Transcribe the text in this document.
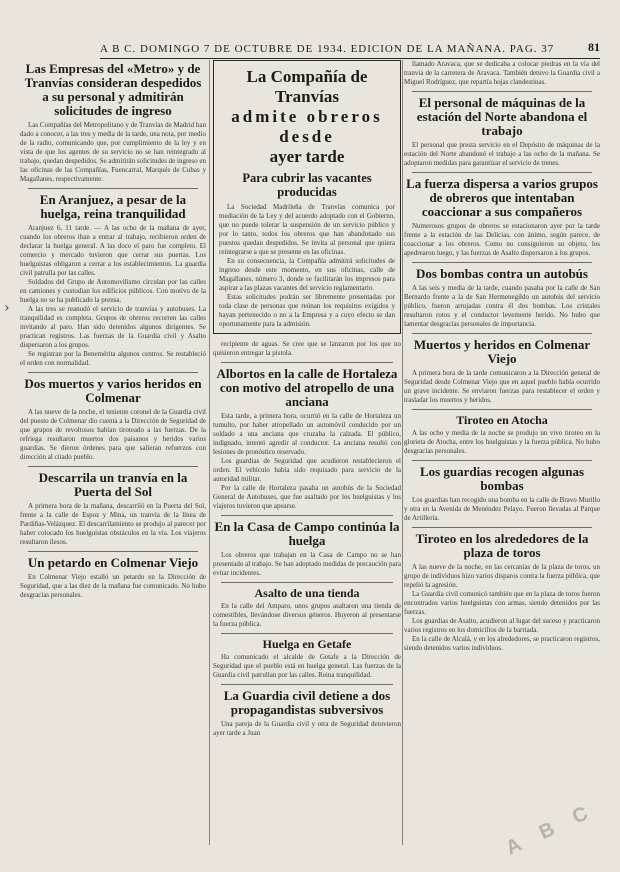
A B C. DOMINGO 7 DE OCTUBRE DE 1934. EDICION DE LA MAÑANA. PAG. 37	81
›
Las Empresas del «Metro» y de Tranvías consideran despedidos a su personal y admitirán solicitudes de ingreso

Las Compañías del Metropolitano y de Tranvías de Madrid han dado a conocer, a las tres y media de la tarde, una nota, por medio de la radio, comunicando que, por cumplimiento de la ley y en vista de que los agentes de su servicio no se han reintegrado al trabajo, quedan despedidos. Se admitirán solicitudes de ingreso en las oficinas de las Compañías, Fuencarral, Marqués de Cubas y Magallanes, respectivamente.

En Aranjuez, a pesar de la huelga, reina tranquilidad

Aranjuez 6, 11 tarde. — A las ocho de la mañana de ayer, cuando los obreros iban a entrar al trabajo, recibieron orden de declarar la huelga general. A las doce el paro fue completo. El comercio y mercado tuvieron que cerrar sus puertas. Los huelguistas obligaron a cerrar a los establecimientos. La guardia civil patrulla por las calles.

Soldados del Grupo de Automovilismo circulan por las calles en camiones y custodian los edificios públicos. Con motivo de la huelga no se ha publicado la prensa.

A las tres se reanudó el servicio de tranvías y autobuses. La tranquilidad es completa. Grupos de obreros recorren las calles invitando al paro. Han sido detenidos algunos dirigentes. Se practican registros. Las fuerzas de la Guardia civil y Asalto dispersaron a los grupos.

Se registran por la Benemérita algunos centros. Se restableció el orden con normalidad.

Dos muertos y varios heridos en Colmenar

A las nueve de la noche, el teniente coronel de la Guardia civil del puesto de Colmenar dio cuenta a la Dirección de Seguridad de que grupos de revoltosos habían tiroteado a las fuerzas. De la refriega resultaron muertos dos paisanos y heridos varios guardias. Se dieron órdenes para que salieran refuerzos con dirección al citado pueblo.

Descarrila un tranvía en la Puerta del Sol

A primera hora de la mañana, descarriló en la Puerta del Sol, frente a la calle de Espoz y Mina, un tranvía de la línea de Pardiñas-Velázquez. El descarrilamiento se produjo al parecer por haber colocado los huelguistas obstáculos en la vía. Los viajeros resultaron ilesos.

Un petardo en Colmenar Viejo

En Colmenar Viejo estalló un petardo en la Dirección de Seguridad, que a las diez de la mañana fue comunicado. No hubo desgracias personales.

La Compañía de Tranvías
admite obreros desde
ayer tarde
Para cubrir las vacantes producidas

La Sociedad Madrileña de Tranvías comunica por mediación de la Ley y del acuerdo adoptado con el Gobierno, que no puede tolerar la suspensión de un servicio público y por lo tanto, todos los obreros que han abandonado sus puestos quedan despedidos. Se invita al personal que quiera reintegrarse a que se presente en las oficinas.

En su consecuencia, la Compañía admitirá solicitudes de ingreso desde este momento, en sus oficinas, calle de Magallanes, número 3, donde se facilitarán los impresos para aspirar a las plazas vacantes del servicio reglamentario.

Estas solicitudes podrán ser libremente presentadas por toda clase de personas que reúnan los requisitos exigidos y hayan pertenecido o no a la Empresa y a cuyo efecto se dan oportunamente para la admisión.

recipiente de aguas. Se cree que se lanzaron por los que no quisieron entregar la pistola.

Albortos en la calle de Hortaleza con motivo del atropello de una anciana

Esta tarde, a primera hora, ocurrió en la calle de Hortaleza un tumulto, por haber atropellado un automóvil conducido por un soldado a una anciana que cruzaba la calzada. El público, indignado, intentó agredir al conductor. La anciana resultó con lesiones de pronóstico reservado.

Los guardias de Seguridad que acudieron restablecieron el orden. El vehículo había sido requisado para servicio de la autoridad militar.

Por la calle de Hortaleza pasaba un autobús de la Sociedad General de Autobuses, que fue asaltado por los huelguistas y los viajeros tuvieron que apearse.

En la Casa de Campo continúa la huelga

Los obreros que trabajan en la Casa de Campo no se han presentado al trabajo. Se han adoptado medidas de precaución para evitar incidentes.

Asalto de una tienda

En la calle del Amparo, unos grupos asaltaron una tienda de comestibles, llevándose diversos géneros. Huyeron al presentarse la fuerza pública.

Huelga en Getafe

Ha comunicado el alcalde de Getafe a la Dirección de Seguridad que el pueblo está en huelga general. Las fuerzas de la Guardia civil patrullan por las calles. Reina tranquilidad.

La Guardia civil detiene a dos propagandistas subversivos

Una pareja de la Guardia civil y otra de Seguridad detuvieron ayer tarde a Juan

llamado Aravaca, que se dedicaba a colocar piedras en la vía del tranvía de la carretera de Aravaca. También detuvo la Guardia civil a Miguel Rodríguez, que repartía hojas clandestinas.

El personal de máquinas de la estación del Norte abandona el trabajo

El personal que presta servicio en el Depósito de máquinas de la estación del Norte abandonó el trabajo a las ocho de la mañana. Se adoptaron medidas para garantizar el servicio de trenes.

La fuerza dispersa a varios grupos de obreros que intentaban coaccionar a sus compañeros

Numerosos grupos de obreros se estacionaron ayer por la tarde frente a la estación de las Delicias, con ánimo, según parece, de coaccionar a los obreros. Como no consiguieron su objeto, los apedrearon luego, y las fuerzas de Asalto dispersaron a los grupos.

Dos bombas contra un autobús

A las seis y media de la tarde, cuando pasaba por la calle de San Bernardo frente a la de San Hermenegildo un autobús del servicio público, fueron arrojadas contra él dos bombas. Los cristales resultaron rotos y el conductor levemente herido. No hubo que lamentar desgracias personales de importancia.

Muertos y heridos en Colmenar Viejo

A primera hora de la tarde comunicaron a la Dirección general de Seguridad desde Colmenar Viejo que en aquel pueblo había ocurrido un grave incidente. Se enviaron fuerzas para restablecer el orden y trasladar los muertos y heridos.

Tiroteo en Atocha

A las ocho y media de la noche se produjo un vivo tiroteo en la glorieta de Atocha, entre los huelguistas y la fuerza pública. No hubo desgracias personales.

Los guardias recogen algunas bombas

Los guardias han recogido una bomba en la calle de Bravo Murillo y otra en la Avenida de Menéndez Pelayo. Fueron llevadas al Parque de Artillería.

Tiroteo en los alrededores de la plaza de toros

A las nueve de la noche, en las cercanías de la plaza de toros, un grupo de individuos hizo varios disparos contra la fuerza pública, que repelió la agresión.

La Guardia civil comunicó también que en la plaza de toros fueron encontrados varios huelguistas con armas, siendo detenidos por las fuerzas.

Los guardias de Asalto, acudieron al lugar del suceso y practicaron varios registros en los domicilios de la barriada.

En la calle de Alcalá, y en los alrededores, se practicaron registros, siendo detenidos varios individuos.

A
B
C
